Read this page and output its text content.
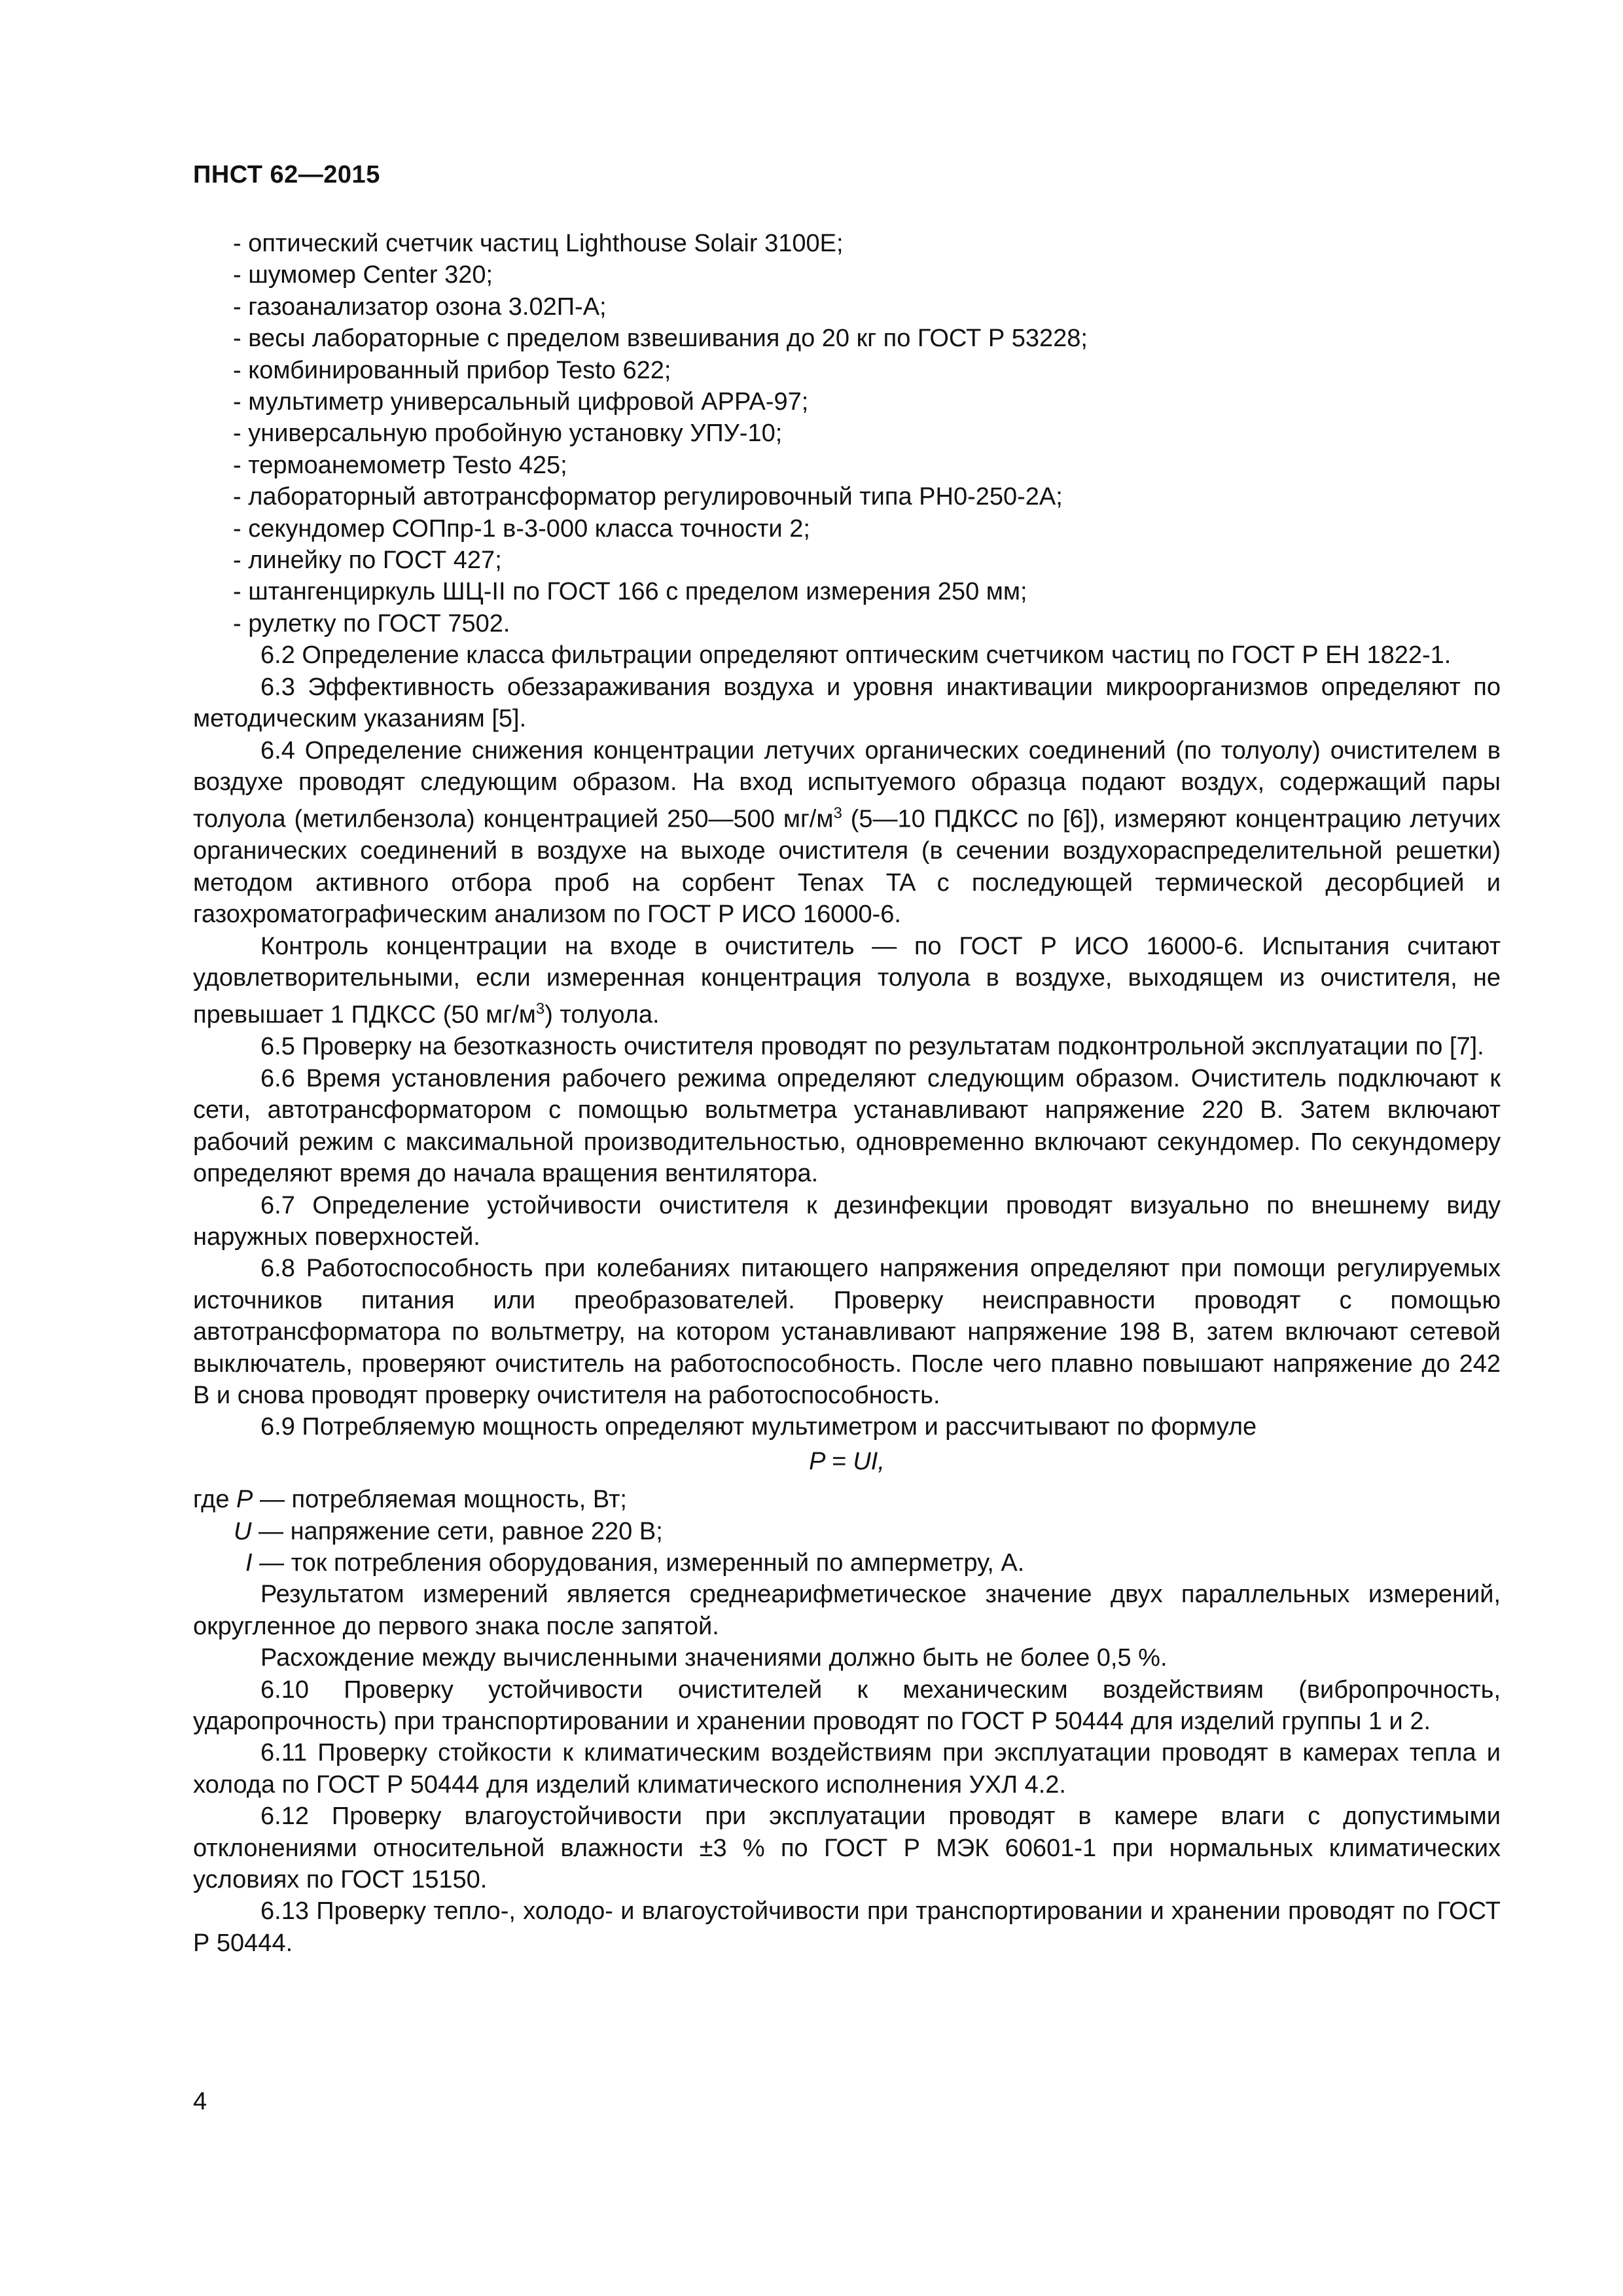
ПНСТ 62—2015
- оптический счетчик частиц Lighthouse Solair 3100E;
- шумомер Center 320;
- газоанализатор озона 3.02П-А;
- весы лабораторные с пределом взвешивания до 20 кг по ГОСТ Р 53228;
- комбинированный прибор Testo 622;
- мультиметр универсальный цифровой APPA-97;
- универсальную пробойную установку УПУ-10;
- термоанемометр Testo 425;
- лабораторный автотрансформатор регулировочный типа РН0-250-2А;
- секундомер СОПпр-1 в-3-000 класса точности 2;
- линейку по ГОСТ 427;
- штангенциркуль ШЦ-II по ГОСТ 166 с пределом измерения 250 мм;
- рулетку по ГОСТ 7502.

6.2 Определение класса фильтрации определяют оптическим счетчиком частиц по ГОСТ Р ЕН 1822-1.

6.3 Эффективность обеззараживания воздуха и уровня инактивации микроорганизмов определяют по методическим указаниям [5].

6.4 Определение снижения концентрации летучих органических соединений (по толуолу) очистителем в воздухе проводят следующим образом. На вход испытуемого образца подают воздух, содержащий пары толуола (метилбензола) концентрацией 250—500 $мг/м^3$ (5—10 ПДКСС по [6]), измеряют концентрацию летучих органических соединений в воздухе на выходе очистителя (в сечении воздухораспределительной решетки) методом активного отбора проб на сорбент Tenax TA с последующей термической десорбцией и газохроматографическим анализом по ГОСТ Р ИСО 16000-6.

Контроль концентрации на входе в очиститель — по ГОСТ Р ИСО 16000-6. Испытания считают удовлетворительными, если измеренная концентрация толуола в воздухе, выходящем из очистителя, не превышает 1 ПДКСС (50 $мг/м^3$) толуола.

6.5 Проверку на безотказность очистителя проводят по результатам подконтрольной эксплуатации по [7].

6.6 Время установления рабочего режима определяют следующим образом. Очиститель подключают к сети, автотрансформатором с помощью вольтметра устанавливают напряжение 220 В. Затем включают рабочий режим с максимальной производительностью, одновременно включают секундомер. По секундомеру определяют время до начала вращения вентилятора.

6.7 Определение устойчивости очистителя к дезинфекции проводят визуально по внешнему виду наружных поверхностей.

6.8 Работоспособность при колебаниях питающего напряжения определяют при помощи регулируемых источников питания или преобразователей. Проверку неисправности проводят с помощью автотрансформатора по вольтметру, на котором устанавливают напряжение 198 В, затем включают сетевой выключатель, проверяют очиститель на работоспособность. После чего плавно повышают напряжение до 242 В и снова проводят проверку очистителя на работоспособность.

6.9 Потребляемую мощность определяют мультиметром и рассчитывают по формуле

P = UI,

где P — потребляемая мощность, Вт;

U — напряжение сети, равное 220 В;

I — ток потребления оборудования, измеренный по амперметру, А.

Результатом измерений является среднеарифметическое значение двух параллельных измерений, округленное до первого знака после запятой.

Расхождение между вычисленными значениями должно быть не более 0,5 %.

6.10 Проверку устойчивости очистителей к механическим воздействиям (вибропрочность, ударопрочность) при транспортировании и хранении проводят по ГОСТ Р 50444 для изделий группы 1 и 2.

6.11 Проверку стойкости к климатическим воздействиям при эксплуатации проводят в камерах тепла и холода по ГОСТ Р 50444 для изделий климатического исполнения УХЛ 4.2.

6.12 Проверку влагоустойчивости при эксплуатации проводят в камере влаги с допустимыми отклонениями относительной влажности ±3 % по ГОСТ Р МЭК 60601-1 при нормальных климатических условиях по ГОСТ 15150.

6.13 Проверку тепло-, холодо- и влагоустойчивости при транспортировании и хранении проводят по ГОСТ Р 50444.

4
